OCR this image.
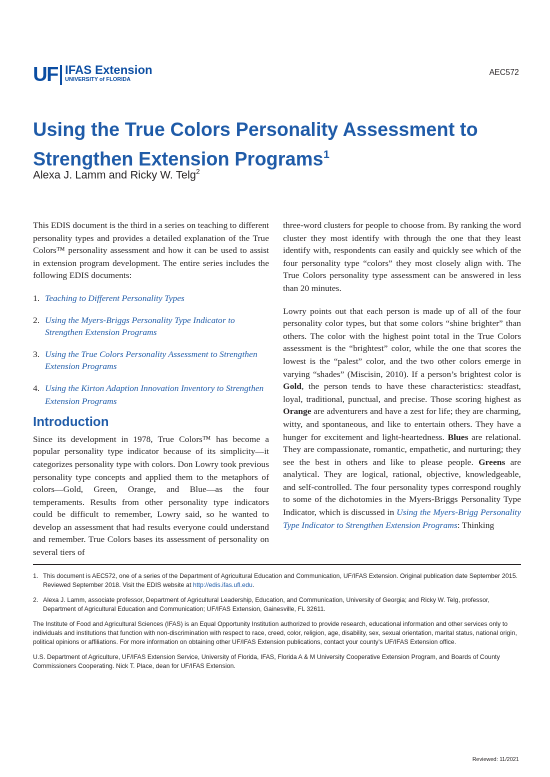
UF IFAS Extension
UNIVERSITY of FLORIDA
AEC572
Using the True Colors Personality Assessment to Strengthen Extension Programs$^1$
Alexa J. Lamm and Ricky W. Telg$^2$

This EDIS document is the third in a series on teaching to different personality types and provides a detailed explanation of the True Colors™ personality assessment and how it can be used to assist in extension program development. The entire series includes the following EDIS documents:

1. Teaching to Different Personality Types
2. Using the Myers-Briggs Personality Type Indicator to Strengthen Extension Programs
3. Using the True Colors Personality Assessment to Strengthen Extension Programs
4. Using the Kirton Adaption Innovation Inventory to Strengthen Extension Programs
Introduction

Since its development in 1978, True Colors™ has become a popular personality type indicator because of its simplicity—it categorizes personality type with colors. Don Lowry took previous personality type concepts and applied them to the metaphors of colors—Gold, Green, Orange, and Blue—as the four temperaments. Results from other personality type indicators could be difficult to remember, Lowry said, so he wanted to develop an assessment that had results everyone could understand and remember. True Colors bases its assessment of personality on several tiers of

three-word clusters for people to choose from. By ranking the word cluster they most identify with through the one that they least identify with, respondents can easily and quickly see which of the four personality type “colors” they most closely align with. The True Colors personality type assessment can be answered in less than 20 minutes.

Lowry points out that each person is made up of all of the four personality color types, but that some colors “shine brighter” than others. The color with the highest point total in the True Colors assessment is the “brightest” color, while the one that scores the lowest is the “palest” color, and the two other colors emerge in varying “shades” (Miscisin, 2010). If a person’s brightest color is Gold, the person tends to have these characteristics: steadfast, loyal, traditional, punctual, and precise. Those scoring highest as Orange are adventurers and have a zest for life; they are charming, witty, and spontaneous, and like to entertain others. They have a hunger for excitement and light-heartedness. Blues are relational. They are compassionate, romantic, empathetic, and nurturing; they see the best in others and like to please people. Greens are analytical. They are logical, rational, objective, knowledgeable, and self-controlled. The four personality types correspond roughly to some of the dichotomies in the Myers-Briggs Personality Type Indicator, which is discussed in Using the Myers-Brigg Personality Type Indicator to Strengthen Extension Programs: Thinking

1. This document is AEC572, one of a series of the Department of Agricultural Education and Communication, UF/IFAS Extension. Original publication date September 2015. Reviewed September 2018. Visit the EDIS website at http://edis.ifas.ufl.edu.
2. Alexa J. Lamm, associate professor, Department of Agricultural Leadership, Education, and Communication, University of Georgia; and Ricky W. Telg, professor, Department of Agricultural Education and Communication; UF/IFAS Extension, Gainesville, FL 32611.

The Institute of Food and Agricultural Sciences (IFAS) is an Equal Opportunity Institution authorized to provide research, educational information and other services only to individuals and institutions that function with non-discrimination with respect to race, creed, color, religion, age, disability, sex, sexual orientation, marital status, national origin, political opinions or affiliations. For more information on obtaining other UF/IFAS Extension publications, contact your county’s UF/IFAS Extension office.

U.S. Department of Agriculture, UF/IFAS Extension Service, University of Florida, IFAS, Florida A & M University Cooperative Extension Program, and Boards of County Commissioners Cooperating. Nick T. Place, dean for UF/IFAS Extension.

Reviewed: 11/2021
